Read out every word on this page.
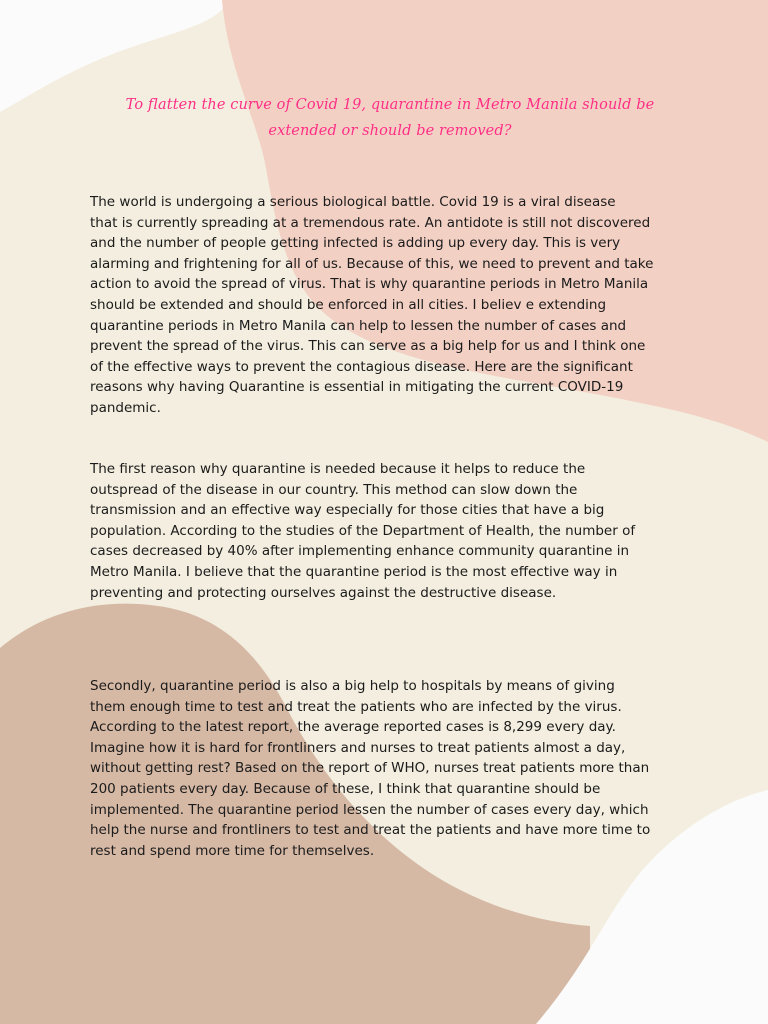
To flatten the curve of Covid 19, quarantine in Metro Manila should be
extended or should be removed?

The world is undergoing a serious biological battle. Covid 19 is a viral disease
that is currently spreading at a tremendous rate. An antidote is still not discovered
and the number of people getting infected is adding up every day. This is very
alarming and frightening for all of us. Because of this, we need to prevent and take
action to avoid the spread of virus. That is why quarantine periods in Metro Manila
should be extended and should be enforced in all cities. I believ e extending
quarantine periods in Metro Manila can help to lessen the number of cases and
prevent the spread of the virus. This can serve as a big help for us and I think one
of the effective ways to prevent the contagious disease. Here are the significant
reasons why having Quarantine is essential in mitigating the current COVID-19
pandemic.

The first reason why quarantine is needed because it helps to reduce the
outspread of the disease in our country. This method can slow down the
transmission and an effective way especially for those cities that have a big
population. According to the studies of the Department of Health, the number of
cases decreased by 40% after implementing enhance community quarantine in
Metro Manila. I believe that the quarantine period is the most effective way in
preventing and protecting ourselves against the destructive disease.

Secondly, quarantine period is also a big help to hospitals by means of giving
them enough time to test and treat the patients who are infected by the virus.
According to the latest report, the average reported cases is 8,299 every day.
Imagine how it is hard for frontliners and nurses to treat patients almost a day,
without getting rest? Based on the report of WHO, nurses treat patients more than
200 patients every day. Because of these, I think that quarantine should be
implemented. The quarantine period lessen the number of cases every day, which
help the nurse and frontliners to test and treat the patients and have more time to
rest and spend more time for themselves.
